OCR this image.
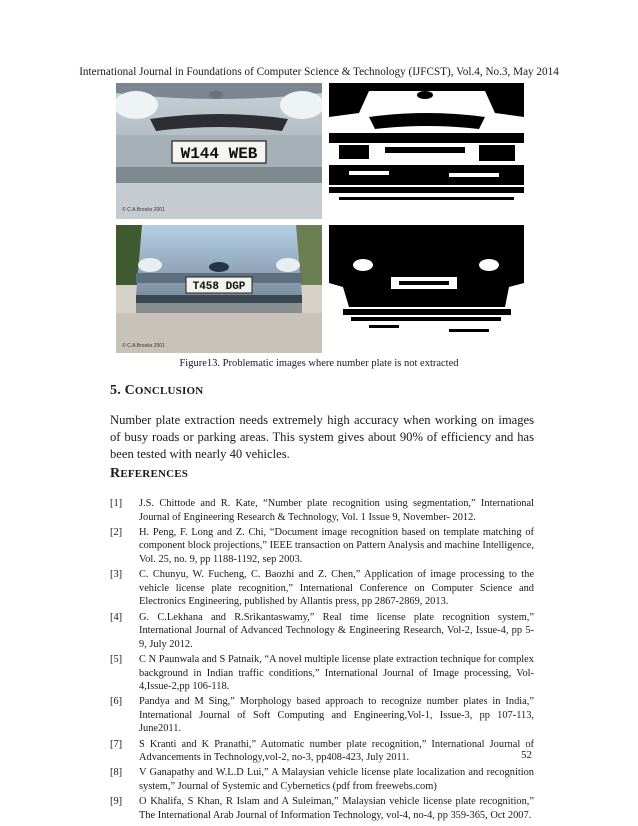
International Journal in Foundations of Computer Science & Technology (IJFCST), Vol.4, No.3, May 2014
W144 WEB
© C.A.Brooks 2001
T458 DGP
© C.A.Brooks 2001
Figure13. Problematic images where number plate is not extracted
5. CONCLUSION
Number plate extraction needs extremely high accuracy when working on images of busy roads or parking areas. This system gives about 90% of efficiency and has been tested with nearly 40 vehicles.
REFERENCES
[1]	J.S. Chittode and R. Kate, “Number plate recognition using segmentation,” International Journal of Engineering Research & Technology, Vol. 1 Issue 9, November- 2012.
[2]	H. Peng, F. Long and Z. Chi, “Document image recognition based on template matching of component block projections,” IEEE transaction on Pattern Analysis and machine Intelligence, Vol. 25, no. 9, pp 1188-1192, sep 2003.
[3]	C. Chunyu, W. Fucheng, C. Baozhi and Z. Chen,” Application of image processing to the vehicle license plate recognition,” International Conference on Computer Science and Electronics Engineering, published by Allantis press, pp 2867-2869, 2013.
[4]	G. C.Lekhana and R.Srikantaswamy,” Real time license plate recognition system,” International Journal of Advanced Technology & Engineering Research, Vol-2, Issue-4, pp 5-9, July 2012.
[5]	C N Paunwala and S Patnaik, “A novel multiple license plate extraction technique for complex background in Indian traffic conditions,” International Journal of Image processing, Vol-4,Issue-2,pp 106-118.
[6]	Pandya and M Sing,” Morphology based approach to recognize number plates in India,” International Journal of Soft Computing and Engineering,Vol-1, Issue-3, pp 107-113, June2011.
[7]	S Kranti and K Pranathi,” Automatic number plate recognition,” International Journal of Advancements in Technology,vol-2, no-3, pp408-423, July 2011.
[8]	V Ganapathy and W.L.D Lui,” A Malaysian vehicle license plate localization and recognition system,” Journal of Systemic and Cybernetics (pdf from freewebs.com)
[9]	O Khalifa, S Khan, R Islam and A Suleiman,” Malaysian vehicle license plate recognition,” The International Arab Journal of Information Technology, vol-4, no-4, pp 359-365, Oct 2007.
52
